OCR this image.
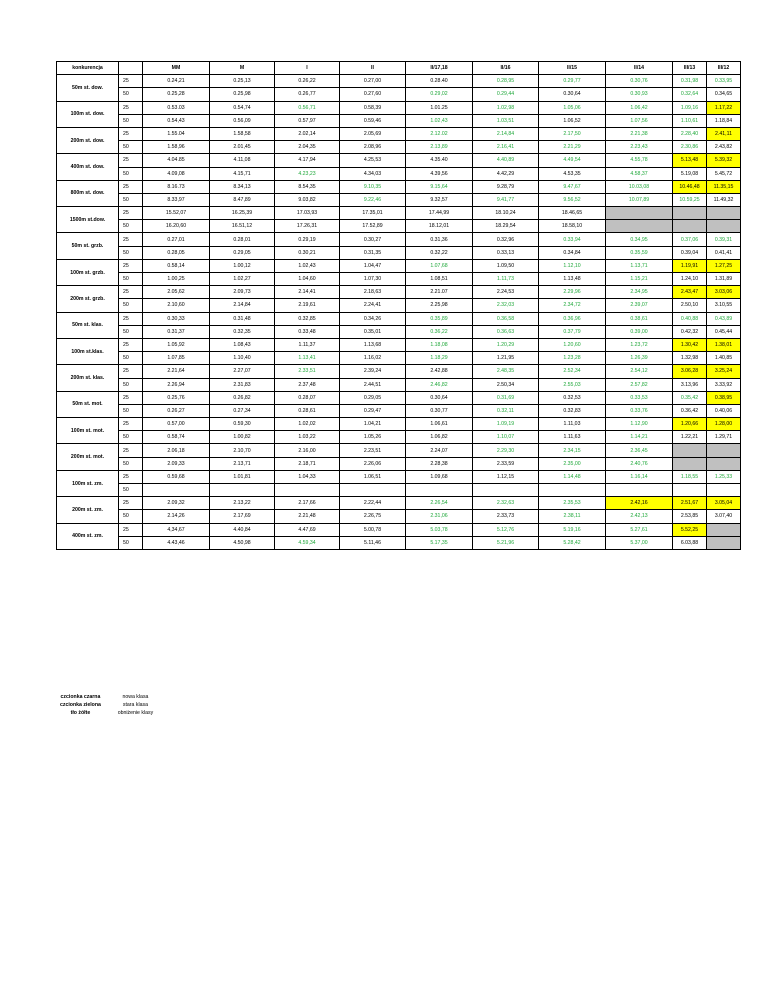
konkurencja		MM	M	I	II	II/17,18	II/16	II/15	II/14	III/13	III/12
50m st. dow.	25	0.24,21	0.25,13	0.26,22	0.27,00	0.28.40	0.28,95	0.29,77	0.30,76	0.31,98	0.33,95
	50	0.25,28	0.25,98	0.26,77	0.27,60	0.29,02	0.29,44	0.30,64	0.30,93	0.32,64	0.34,65
100m st. dow.	25	0.53.03	0.54,74	0.56,71	0.58,39	1.01.25	1.02,98	1.05,06	1.06,42	1.09,16	1.17,22
	50	0.54,43	0.56,09	0.57,97	0.59,46	1.02,43	1.03,51	1.06,52	1.07,56	1.10,61	1.18,84
200m st. dow.	25	1.55.04	1.58,58	2.02,14	2.05,69	2.12.02	2.14,84	2.17,50	2.21,38	2.28,40	2.41,11
	50	1.58,96	2.01,45	2.04,35	2.08,96	2.13,89	2.16,41	2.21,29	2.23,43	2.30,86	2.43,82
400m st. dow.	25	4.04.85	4.11,08	4.17,94	4.25,53	4.35.40	4.40,89	4.49,54	4.55,78	5.13,48	5.39,32
	50	4.09,08	4.15,71	4.23,23	4.34,03	4.39,56	4.42,29	4.53,35	4.58,37	5.19,08	5.45,72
800m st. dow.	25	8.16.73	8.34,13	8.54,35	9.10,35	9.15,64	9.28,79	9.47,67	10.03,08	10.46,48	11.35,15
	50	8.33,97	8.47,89	9.03,82	9.22,46	9.32,57	9.41,77	9.56,52	10.07,89	10.59,25	11.49,32
1500m st.dow.	25	15.52,07	16.25,39	17.03,93	17.35,01	17.44,99	18.10,24	18.46,65			
	50	16.20,60	16.51,12	17.26,31	17.52,89	18.12,01	18.29,54	18.58,10			
50m st. grzb.	25	0.27,01	0.28,01	0.29,19	0.30,27	0.31,36	0.32,96	0.33,94	0.34,95	0.37,06	0.39,31
	50	0.28,05	0.29,05	0.30,21	0.31,35	0.32,22	0.33,13	0.34,84	0.35,59	0.39,04	0.41,41
100m st. grzb.	25	0.58,14	1.00,12	1.02,43	1.04,47	1.07,68	1.09,50	1.12,10	1.13,71	1.19,91	1.27,25
	50	1.00,25	1.02,27	1.04,60	1.07,30	1.08,51	1.11,73	1.13,48	1.15,21	1.24,10	1.31,89
200m st. grzb.	25	2.05,62	2.09,73	2.14,41	2.18,63	2.21.07	2.24,53	2.29,96	2.34,95	2.43,47	3.03,06
	50	2.10,60	2.14,84	2.19,61	2.24,41	2.25,98	2.32,03	2.34,72	2.39,07	2.50,10	3.10,55
50m st. klas.	25	0.30,33	0.31,48	0.32,85	0.34,26	0.35,89	0.36,58	0.36,96	0.38,61	0.40,88	0.43,89
	50	0.31,37	0.32,35	0.33,48	0.35,01	0.36,22	0.36,63	0.37,79	0.39,00	0.42,32	0.45,44
100m st.klas.	25	1.05,92	1.08,43	1.11,37	1.13,68	1.18,08	1.20,29	1.20,60	1.23,72	1.30,42	1.38,01
	50	1.07,85	1.10,40	1.13,41	1.16,02	1.18,29	1.21,95	1.23,28	1.26,39	1.32,98	1.40,85
200m st. klas.	25	2.21,64	2.27,07	2.33,51	2.39,24	2.42,88	2.48,35	2.52,34	2.54,12	3.06,28	3.25,24
	50	2.26,94	2.31,83	2.37,48	2.44,51	2.46,82	2.50,34	2.55,03	2.57,82	3.13,96	3.33,92
50m st. mot.	25	0.25,76	0.26,82	0.28,07	0.29,05	0.30,64	0.31,69	0.32,53	0.33,53	0.35,42	0.38,95
	50	0.26,27	0.27,34	0.28,61	0.29,47	0.30,77	0.32,11	0.32,83	0.33,76	0.36,42	0.40,06
100m st. mot.	25	0.57,00	0.59,30	1.02,02	1.04,21	1.06,61	1.09,19	1.11,03	1.12,90	1.20,66	1.28,00
	50	0.58,74	1.00,82	1.03,22	1.05,26	1.06,82	1.10,07	1.11,63	1.14,21	1.22,21	1.29,71
200m st. mot.	25	2.06,18	2.10,70	2.16,00	2.23,51	2.24,07	2.29,30	2.34,15	2.36,45		
	50	2.09,33	2.13,71	2.18,71	2.26,06	2.28,38	2.33,59	2.35,00	2.40,76		
100m st. zm.	25	0.59,68	1.01,81	1.04,33	1.06,51	1.09,68	1.12,15	1.14,48	1.16,14	1.18,55	1.25,33
	50										
200m st. zm.	25	2.09,32	2.13,22	2.17,66	2.22,44	2.26,54	2.32,63	2.35,53	2.42,16	2.51,67	3.05,04
	50	2.14,26	2.17,69	2.21,48	2.26,75	2.31,06	2.33,73	2.38,11	2.42,13	2.53,85	3.07,40
400m st. zm.	25	4,34,67	4.40,84	4.47,69	5.00,78	5.03,78	5.12,76	5.19,16	5.27,61	5.52,25	
	50	4.43,46	4.50,98	4.59,34	5.11,46	5.17,35	5.21,96	5.28,42	5.37,00	6.03,88	
czcionka czarna	nowa klasa
czcionka zielona	stara klasa
tło żółte	obniżenie klasy
